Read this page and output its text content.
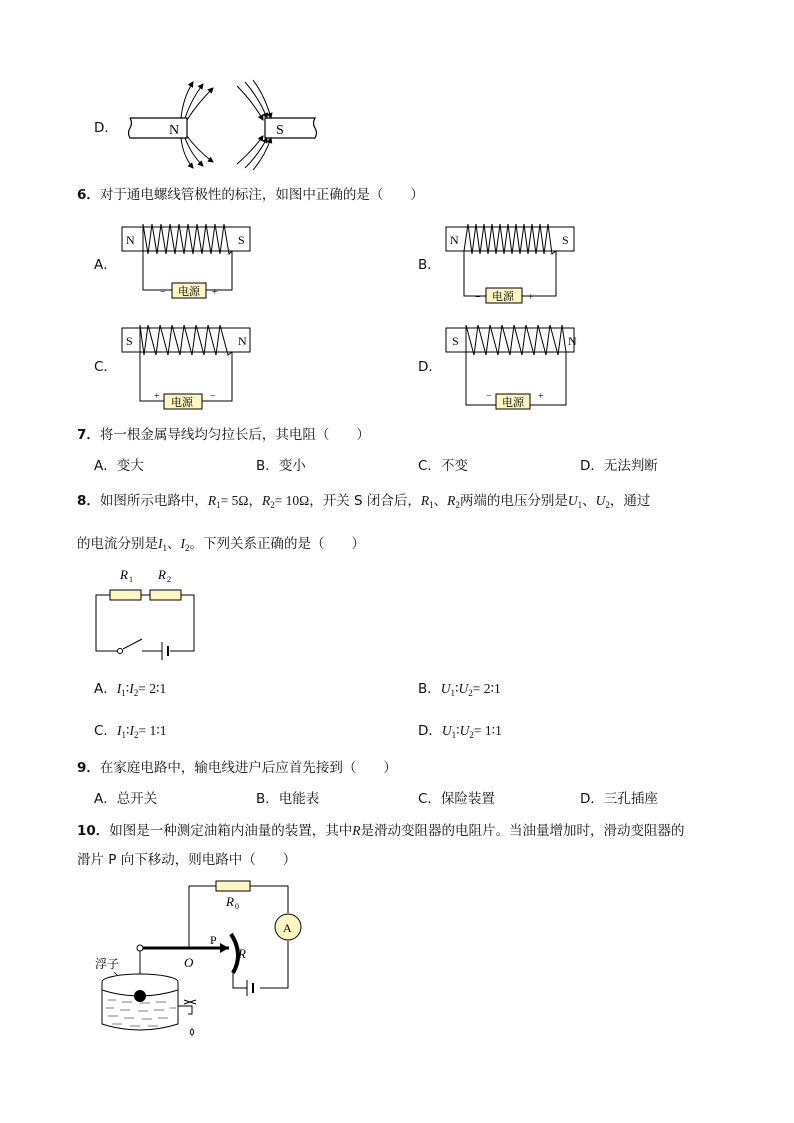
D．	N	S
6．对于通电螺线管极性的标注，如图中正确的是（　　）
A．
N	S
电源
−	+
B．
N	S
电源
−	+
C．
S	N
电源
+	−
D．
S	N
电源
−	+
7．将一根金属导线均匀拉长后，其电阻（　　）
A．变大	B．变小	C．不变	D．无法判断
8．如图所示电路中，$R_1= 5\Omega$，$R_2= 10\Omega$，开关 S 闭合后，$R_1$、$R_2$两端的电压分别是$U_1$、$U_2$，通过
的电流分别是$I_1$、$I_2$。下列关系正确的是（　　）
R 1 R 2
A．$I_1∶I_2=$ 2∶1	B．$U_1∶U_2=$ 2∶1
C．$I_1∶I_2=$ 1∶1	D．$U_1∶U_2=$ 1∶1
9．在家庭电路中，输电线进户后应首先接到（　　）
A．总开关	B．电能表	C．保险装置	D．三孔插座
10．如图是一种测定油箱内油量的装置，其中R是滑动变阻器的电阻片。当油量增加时，滑动变阻器的
滑片 P 向下移动，则电路中（　　）
R 0
A
P
R
O
浮子
